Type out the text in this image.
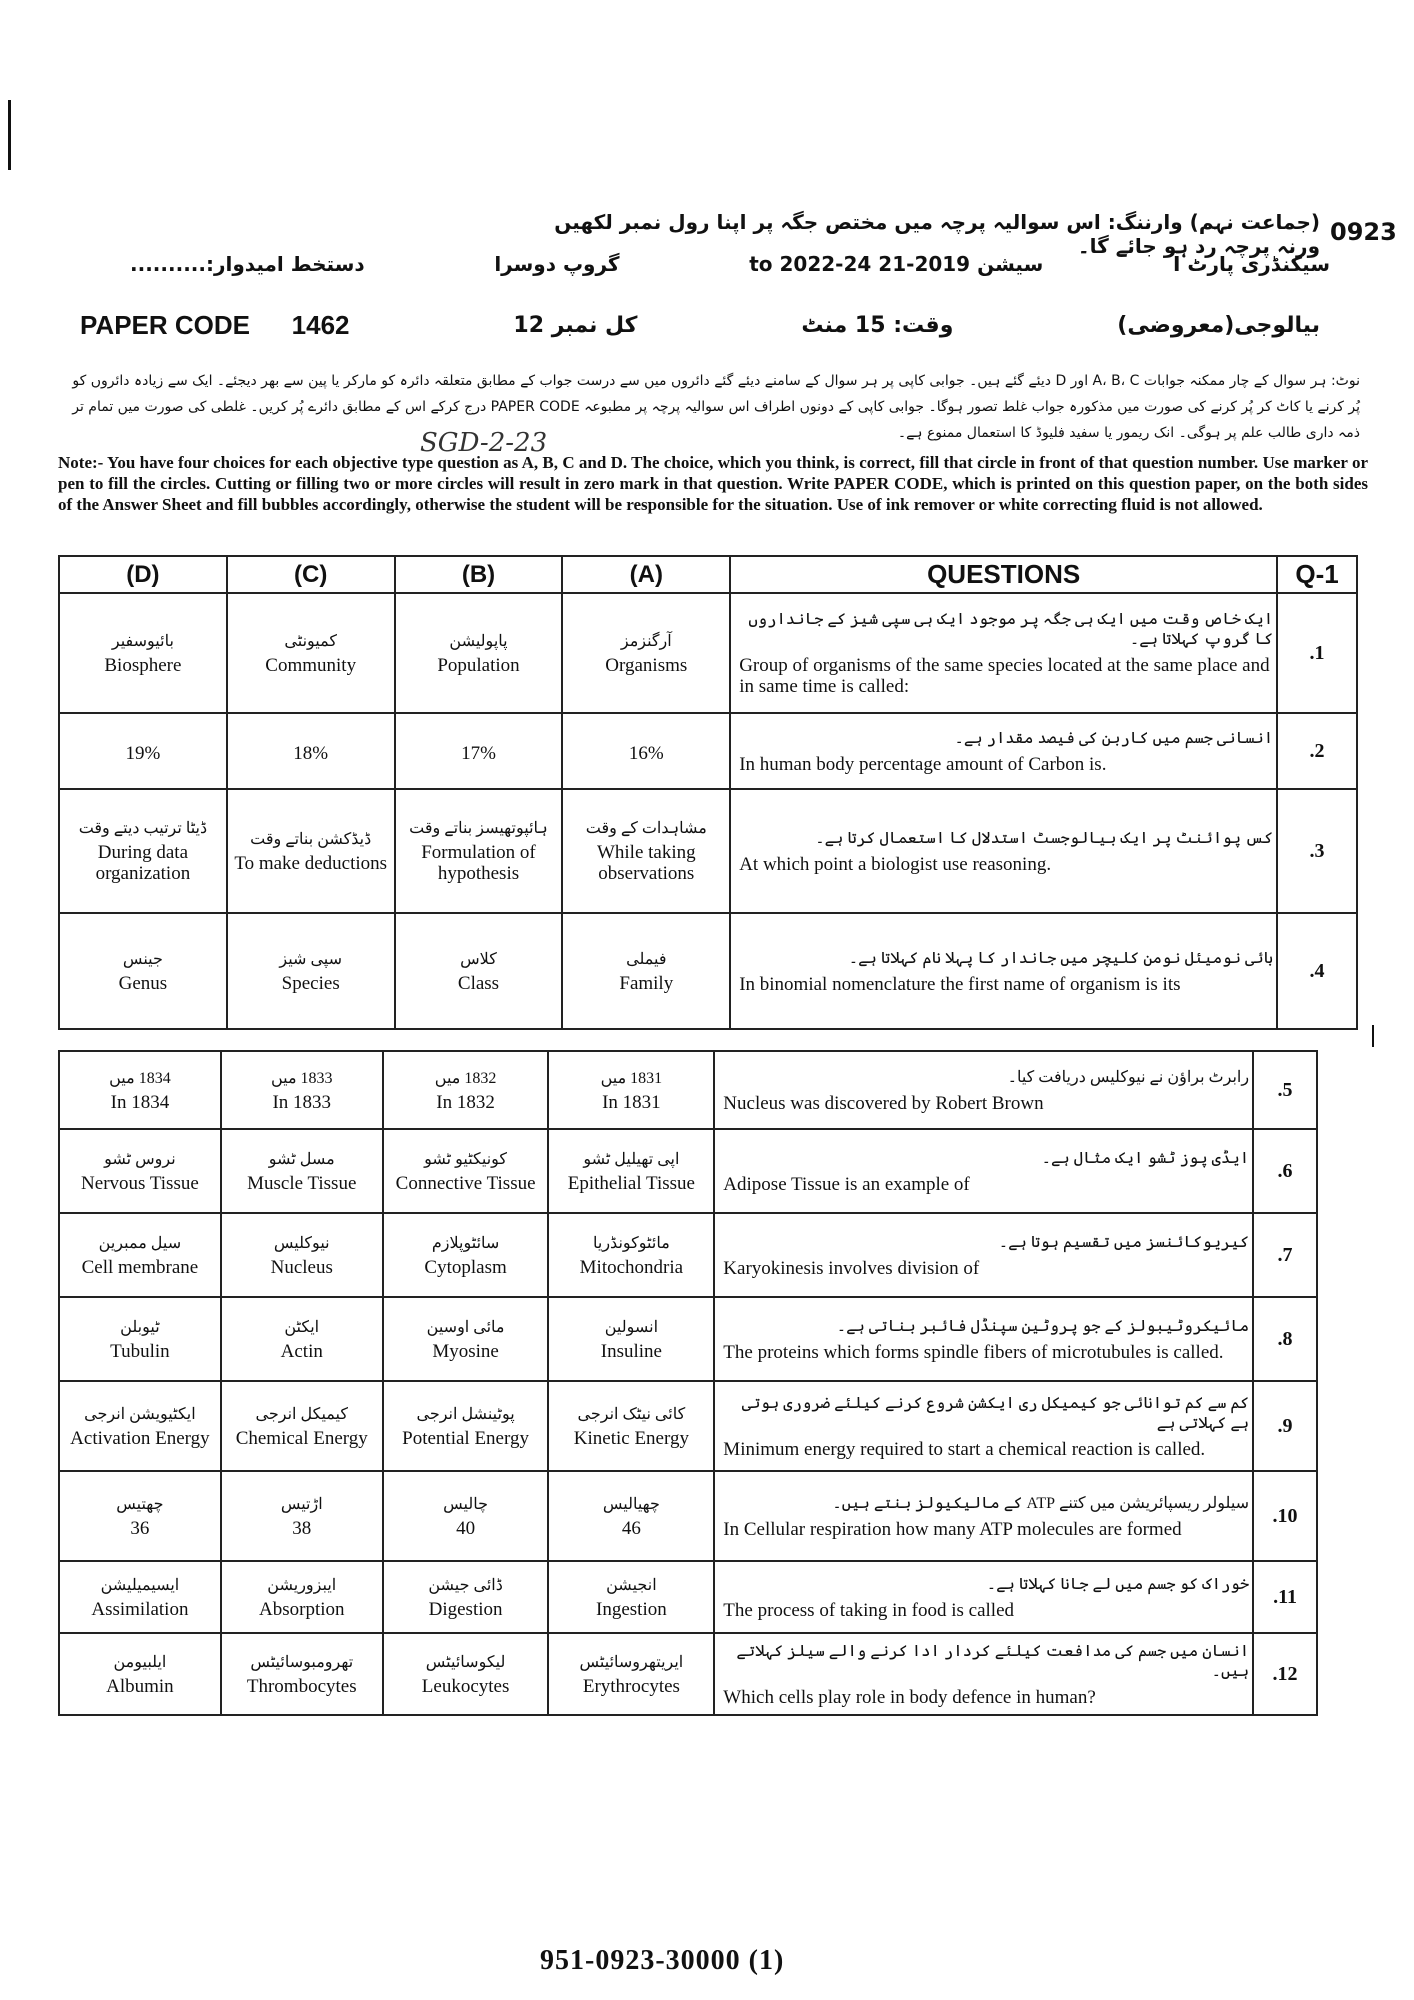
0923
(جماعت نہم) وارننگ: اس سوالیہ پرچہ میں مختص جگہ پر اپنا رول نمبر لکھیں ورنہ پرچہ رد ہو جائے گا۔
سیکنڈری پارٹ I
سیشن 2019-21 to 2022-24
گروپ دوسرا
دستخط امیدوار:..........
PAPER CODE 1462	کل نمبر 12	وقت: 15 منٹ	بیالوجی(معروضی)
نوٹ: ہر سوال کے چار ممکنہ جوابات A، B، C اور D دیئے گئے ہیں۔ جوابی کاپی پر ہر سوال کے سامنے دیئے گئے دائروں میں سے درست جواب کے مطابق متعلقہ دائرہ کو مارکر یا پین سے بھر دیجئے۔ ایک سے زیادہ دائروں کو پُر کرنے یا کاٹ کر پُر کرنے کی صورت میں مذکورہ جواب غلط تصور ہوگا۔ جوابی کاپی کے دونوں اطراف اس سوالیہ پرچہ پر مطبوعہ PAPER CODE درج کرکے اس کے مطابق دائرے پُر کریں۔ غلطی کی صورت میں تمام تر ذمہ داری طالب علم پر ہوگی۔ انک ریمور یا سفید فلیوڈ کا استعمال ممنوع ہے۔
SGD-2-23
Note:- You have four choices for each objective type question as A, B, C and D. The choice, which you think, is correct, fill that circle in front of that question number. Use marker or pen to fill the circles. Cutting or filling two or more circles will result in zero mark in that question. Write PAPER CODE, which is printed on this question paper, on the both sides of the Answer Sheet and fill bubbles accordingly, otherwise the student will be responsible for the situation. Use of ink remover or white correcting fluid is not allowed.
(D)	(C)	(B)	(A)	QUESTIONS	Q-1

بائیوسفیر
Biosphere	کمیونٹی
Community	پاپولیشن
Population	آرگنزمز
Organisms	ایک خاص وقت میں ایک ہی جگہ پر موجود ایک ہی سپی شیز کے جانداروں کا گروپ کہلاتا ہے۔
Group of organisms of the same species located at the same place and in same time is called:	.1

19%	18%	17%	16%	انسانی جسم میں کاربن کی فیصد مقدار ہے۔
In human body percentage amount of Carbon is.	.2

ڈیٹا ترتیب دیتے وقت
During data organization	ڈیڈکشن بناتے وقت
To make deductions	ہائپوتھیسز بناتے وقت
Formulation of hypothesis	مشاہدات کے وقت
While taking observations	کس پوائنٹ پر ایک بیالوجسٹ استدلال کا استعمال کرتا ہے۔
At which point a biologist use reasoning.	.3

جینس
Genus	سپی شیز
Species	کلاس
Class	فیملی
Family	بائی نومیئل نومن کلیچر میں جاندار کا پہلا نام کہلاتا ہے۔
In binomial nomenclature the first name of organism is its	.4
1834 میں
In 1834	1833 میں
In 1833	1832 میں
In 1832	1831 میں
In 1831	رابرٹ براؤن نے نیوکلیس دریافت کیا۔
Nucleus was discovered by Robert Brown	.5

نروس ٹشو
Nervous Tissue	مسل ٹشو
Muscle Tissue	کونیکٹیو ٹشو
Connective Tissue	اپی تھیلیل ٹشو
Epithelial Tissue	ایڈی پوز ٹشو ایک مثال ہے۔
Adipose Tissue is an example of	.6

سیل ممبرین
Cell membrane	نیوکلیس
Nucleus	سائٹوپلازم
Cytoplasm	مائٹوکونڈریا
Mitochondria	کیریوکائنسز میں تقسیم ہوتا ہے۔
Karyokinesis involves division of	.7

ٹیوبلن
Tubulin	ایکٹن
Actin	مائی اوسین
Myosine	انسولین
Insuline	مائیکروٹیبولز کے جو پروٹین سپنڈل فائبر بناتی ہے۔
The proteins which forms spindle fibers of microtubules is called.	.8

ایکٹیویشن انرجی
Activation Energy	کیمیکل انرجی
Chemical Energy	پوٹینشل انرجی
Potential Energy	کائی نیٹک انرجی
Kinetic Energy	کم سے کم توانائی جو کیمیکل ری ایکشن شروع کرنے کیلئے ضروری ہوتی ہے کہلاتی ہے
Minimum energy required to start a chemical reaction is called.	.9

چھتیس
36	اڑتیس
38	چالیس
40	چھیالیس
46	سیلولر ریسپائریشن میں کتنے ATP کے مالیکیولز بنتے ہیں۔
In Cellular respiration how many ATP molecules are formed	.10

ایسیمیلیشن
Assimilation	ایبزوریشن
Absorption	ڈائی جیشن
Digestion	انجیشن
Ingestion	خوراک کو جسم میں لے جانا کہلاتا ہے۔
The process of taking in food is called	.11

ایلبیومن
Albumin	تھرومبوسائیٹس
Thrombocytes	لیکوسائیٹس
Leukocytes	ایریتھروسائیٹس
Erythrocytes	انسان میں جسم کی مدافعت کیلئے کردار ادا کرنے والے سیلز کہلاتے ہیں۔
Which cells play role in body defence in human?	.12
951-0923-30000 (1)
